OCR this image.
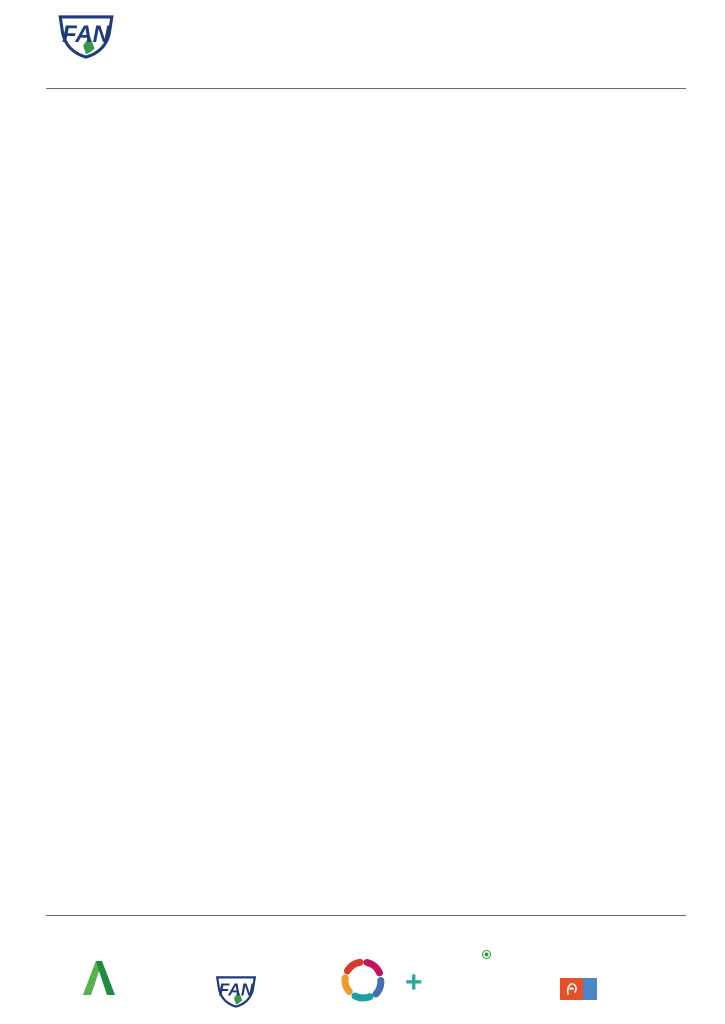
FAN
FAN	+
